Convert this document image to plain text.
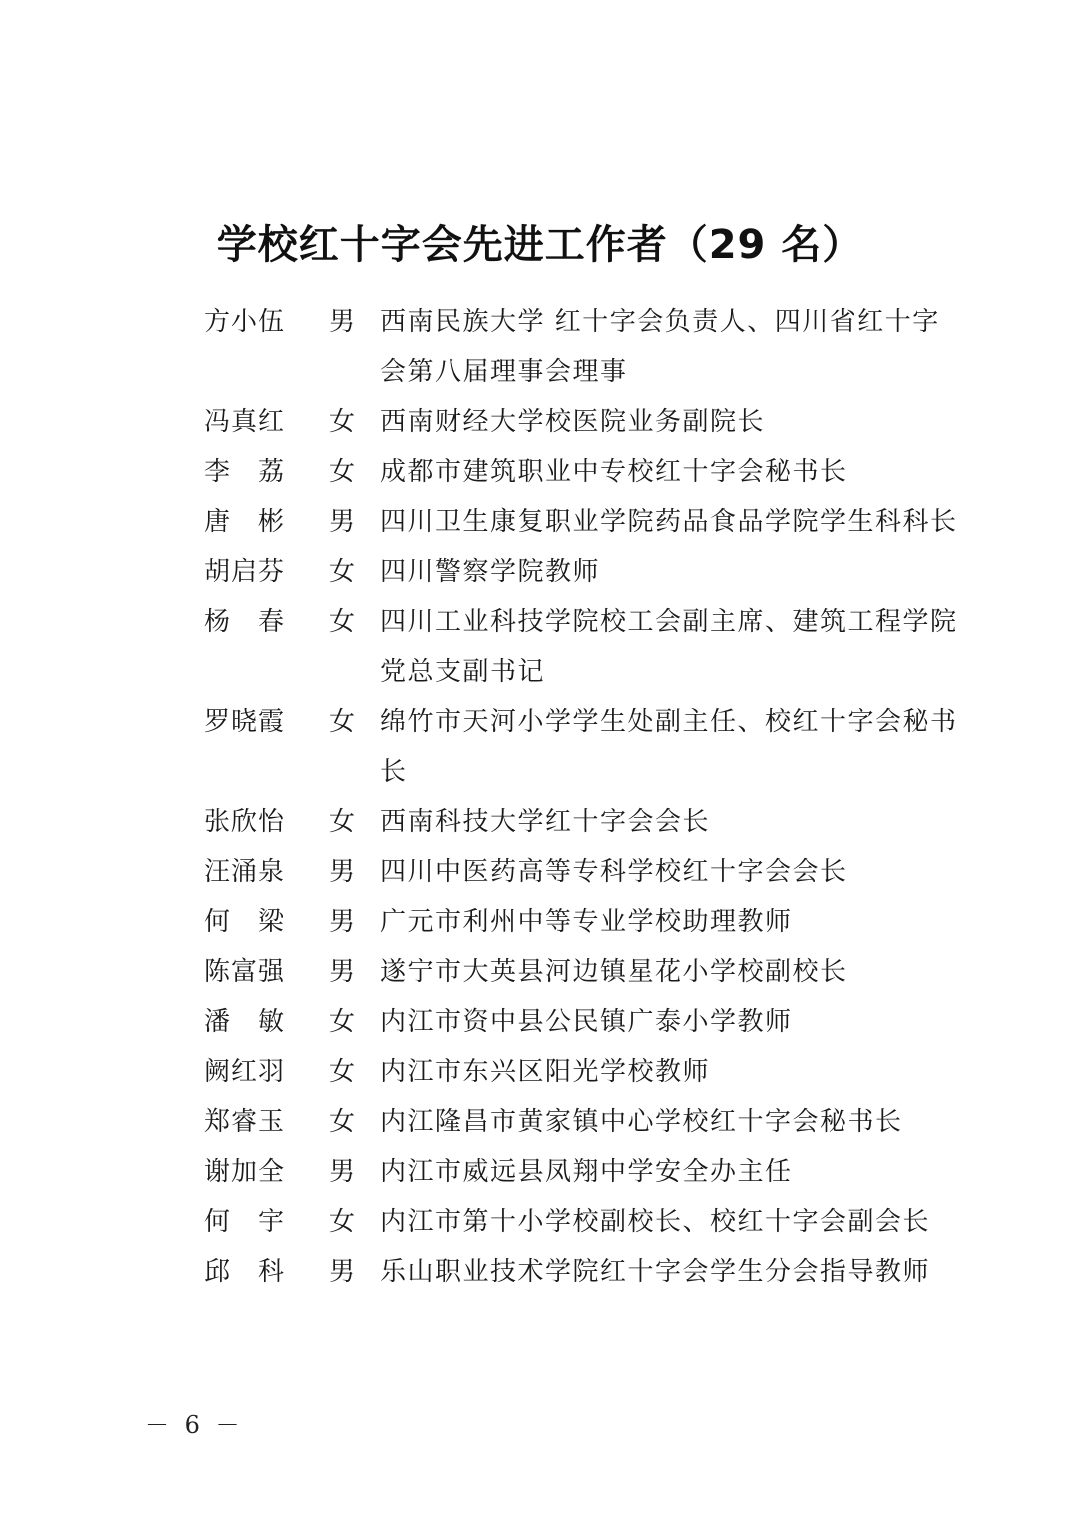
学校红十字会先进工作者（29 名）
方小伍	男 西南民族大学 红十字会负责人、四川省红十字会第八届理事会理事
冯真红	女 西南财经大学校医院业务副院长
李　荔	女 成都市建筑职业中专校红十字会秘书长
唐　彬	男 四川卫生康复职业学院药品食品学院学生科科长
胡启芬	女 四川警察学院教师
杨　春	女 四川工业科技学院校工会副主席、建筑工程学院党总支副书记
罗晓霞	女 绵竹市天河小学学生处副主任、校红十字会秘书长
张欣怡	女 西南科技大学红十字会会长
汪涌泉	男 四川中医药高等专科学校红十字会会长
何　梁	男 广元市利州中等专业学校助理教师
陈富强	男 遂宁市大英县河边镇星花小学校副校长
潘　敏	女 内江市资中县公民镇广泰小学教师
阙红羽	女 内江市东兴区阳光学校教师
郑睿玉	女 内江隆昌市黄家镇中心学校红十字会秘书长
谢加全	男 内江市威远县凤翔中学安全办主任
何　宇	女 内江市第十小学校副校长、校红十字会副会长
邱　科	男 乐山职业技术学院红十字会学生分会指导教师
－ 6 －
